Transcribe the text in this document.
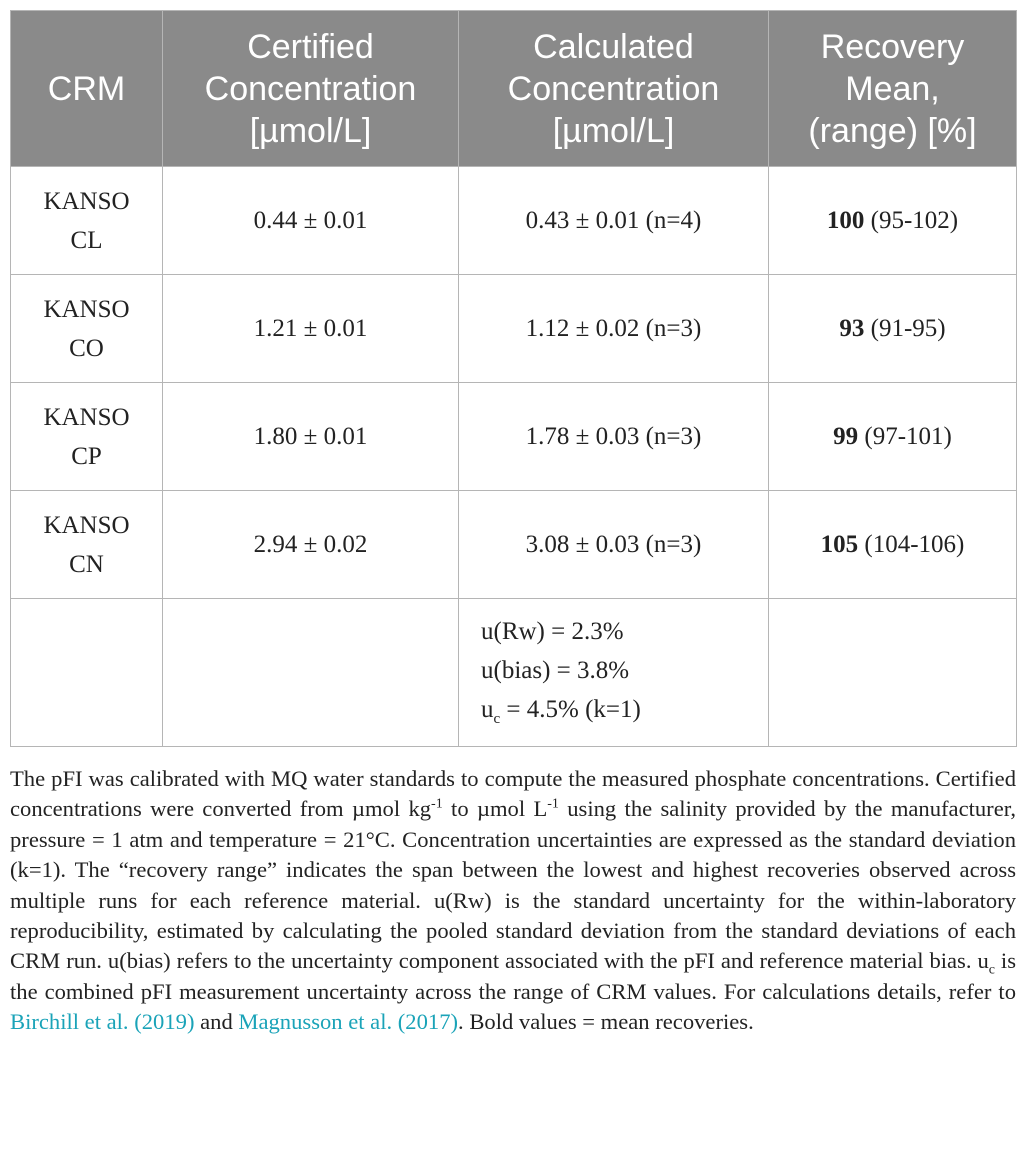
CRM	Certified
Concentration
[µmol/L]	Calculated
Concentration
[µmol/L]	Recovery
Mean,
(range) [%]

KANSO
CL	0.44 ± 0.01	0.43 ± 0.01 (n=4)	100 (95-102)

KANSO
CO	1.21 ± 0.01	1.12 ± 0.02 (n=3)	93 (91-95)

KANSO
CP	1.80 ± 0.01	1.78 ± 0.03 (n=3)	99 (97-101)

KANSO
CN	2.94 ± 0.02	3.08 ± 0.03 (n=3)	105 (104-106)

		u(Rw) = 2.3%
u(bias) = 3.8%
$u_c = 4.5\%$ (k=1)	

The pFI was calibrated with MQ water standards to compute the measured phosphate concentrations. Certified concentrations were converted from µmol $kg^{-1}$ to µmol $L^{-1}$ using the salinity provided by the manufacturer, pressure = 1 atm and temperature = 21°C. Concentration uncertainties are expressed as the standard deviation (k=1). The “recovery range” indicates the span between the lowest and highest recoveries observed across multiple runs for each reference material. u(Rw) is the standard uncertainty for the within-laboratory reproducibility, estimated by calculating the pooled standard deviation from the standard deviations of each CRM run. u(bias) refers to the uncertainty component associated with the pFI and reference material bias. $u_c$ is the combined pFI measurement uncertainty across the range of CRM values. For calculations details, refer to Birchill et al. (2019) and Magnusson et al. (2017). Bold values = mean recoveries.
